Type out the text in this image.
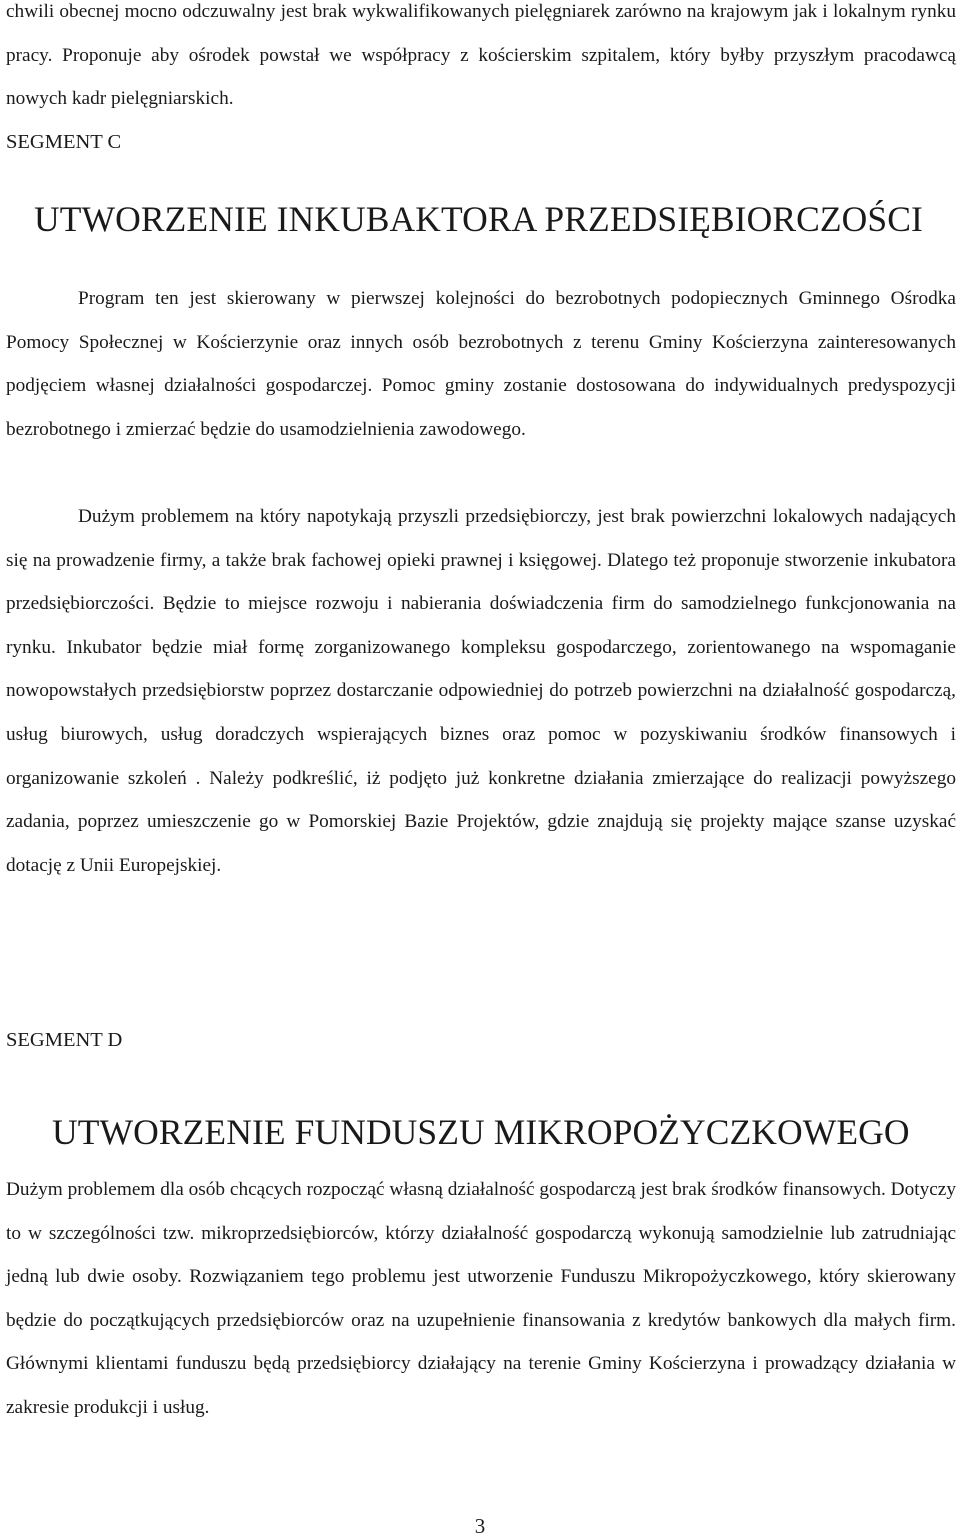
chwili obecnej mocno odczuwalny jest brak wykwalifikowanych pielęgniarek zarówno na krajowym jak i lokalnym rynku pracy. Proponuje aby ośrodek powstał we współpracy z kościerskim szpitalem, który byłby przyszłym pracodawcą nowych kadr pielęgniarskich.

SEGMENT C
UTWORZENIE INKUBAKTORA PRZEDSIĘBIORCZOŚCI

Program ten jest skierowany w pierwszej kolejności do bezrobotnych podopiecznych Gminnego Ośrodka Pomocy Społecznej w Kościerzynie oraz innych osób bezrobotnych z terenu Gminy Kościerzyna zainteresowanych podjęciem własnej działalności gospodarczej. Pomoc gminy zostanie dostosowana do indywidualnych predyspozycji bezrobotnego i zmierzać będzie do usamodzielnienia zawodowego.

Dużym problemem na który napotykają przyszli przedsiębiorczy, jest brak powierzchni lokalowych nadających się na prowadzenie firmy, a także brak fachowej opieki prawnej i księgowej. Dlatego też proponuje stworzenie inkubatora przedsiębiorczości. Będzie to miejsce rozwoju i nabierania doświadczenia firm do samodzielnego funkcjonowania na rynku. Inkubator będzie miał formę zorganizowanego kompleksu gospodarczego, zorientowanego na wspomaganie nowopowstałych przedsiębiorstw poprzez dostarczanie odpowiedniej do potrzeb powierzchni na działalność gospodarczą, usług biurowych, usług doradczych wspierających biznes oraz pomoc w pozyskiwaniu środków finansowych i organizowanie szkoleń . Należy podkreślić, iż podjęto już konkretne działania zmierzające do realizacji powyższego zadania, poprzez umieszczenie go w Pomorskiej Bazie Projektów, gdzie znajdują się projekty mające szanse uzyskać dotację z Unii Europejskiej.

SEGMENT D
UTWORZENIE FUNDUSZU MIKROPOŻYCZKOWEGO

Dużym problemem dla osób chcących rozpocząć własną działalność gospodarczą jest brak środków finansowych. Dotyczy to w szczególności tzw. mikroprzedsiębiorców, którzy działalność gospodarczą wykonują samodzielnie lub zatrudniając jedną lub dwie osoby. Rozwiązaniem tego problemu jest utworzenie Funduszu Mikropożyczkowego, który skierowany będzie do początkujących przedsiębiorców oraz na uzupełnienie finansowania z kredytów bankowych dla małych firm. Głównymi klientami funduszu będą przedsiębiorcy działający na terenie Gminy Kościerzyna i prowadzący działania w zakresie produkcji i usług.

3
